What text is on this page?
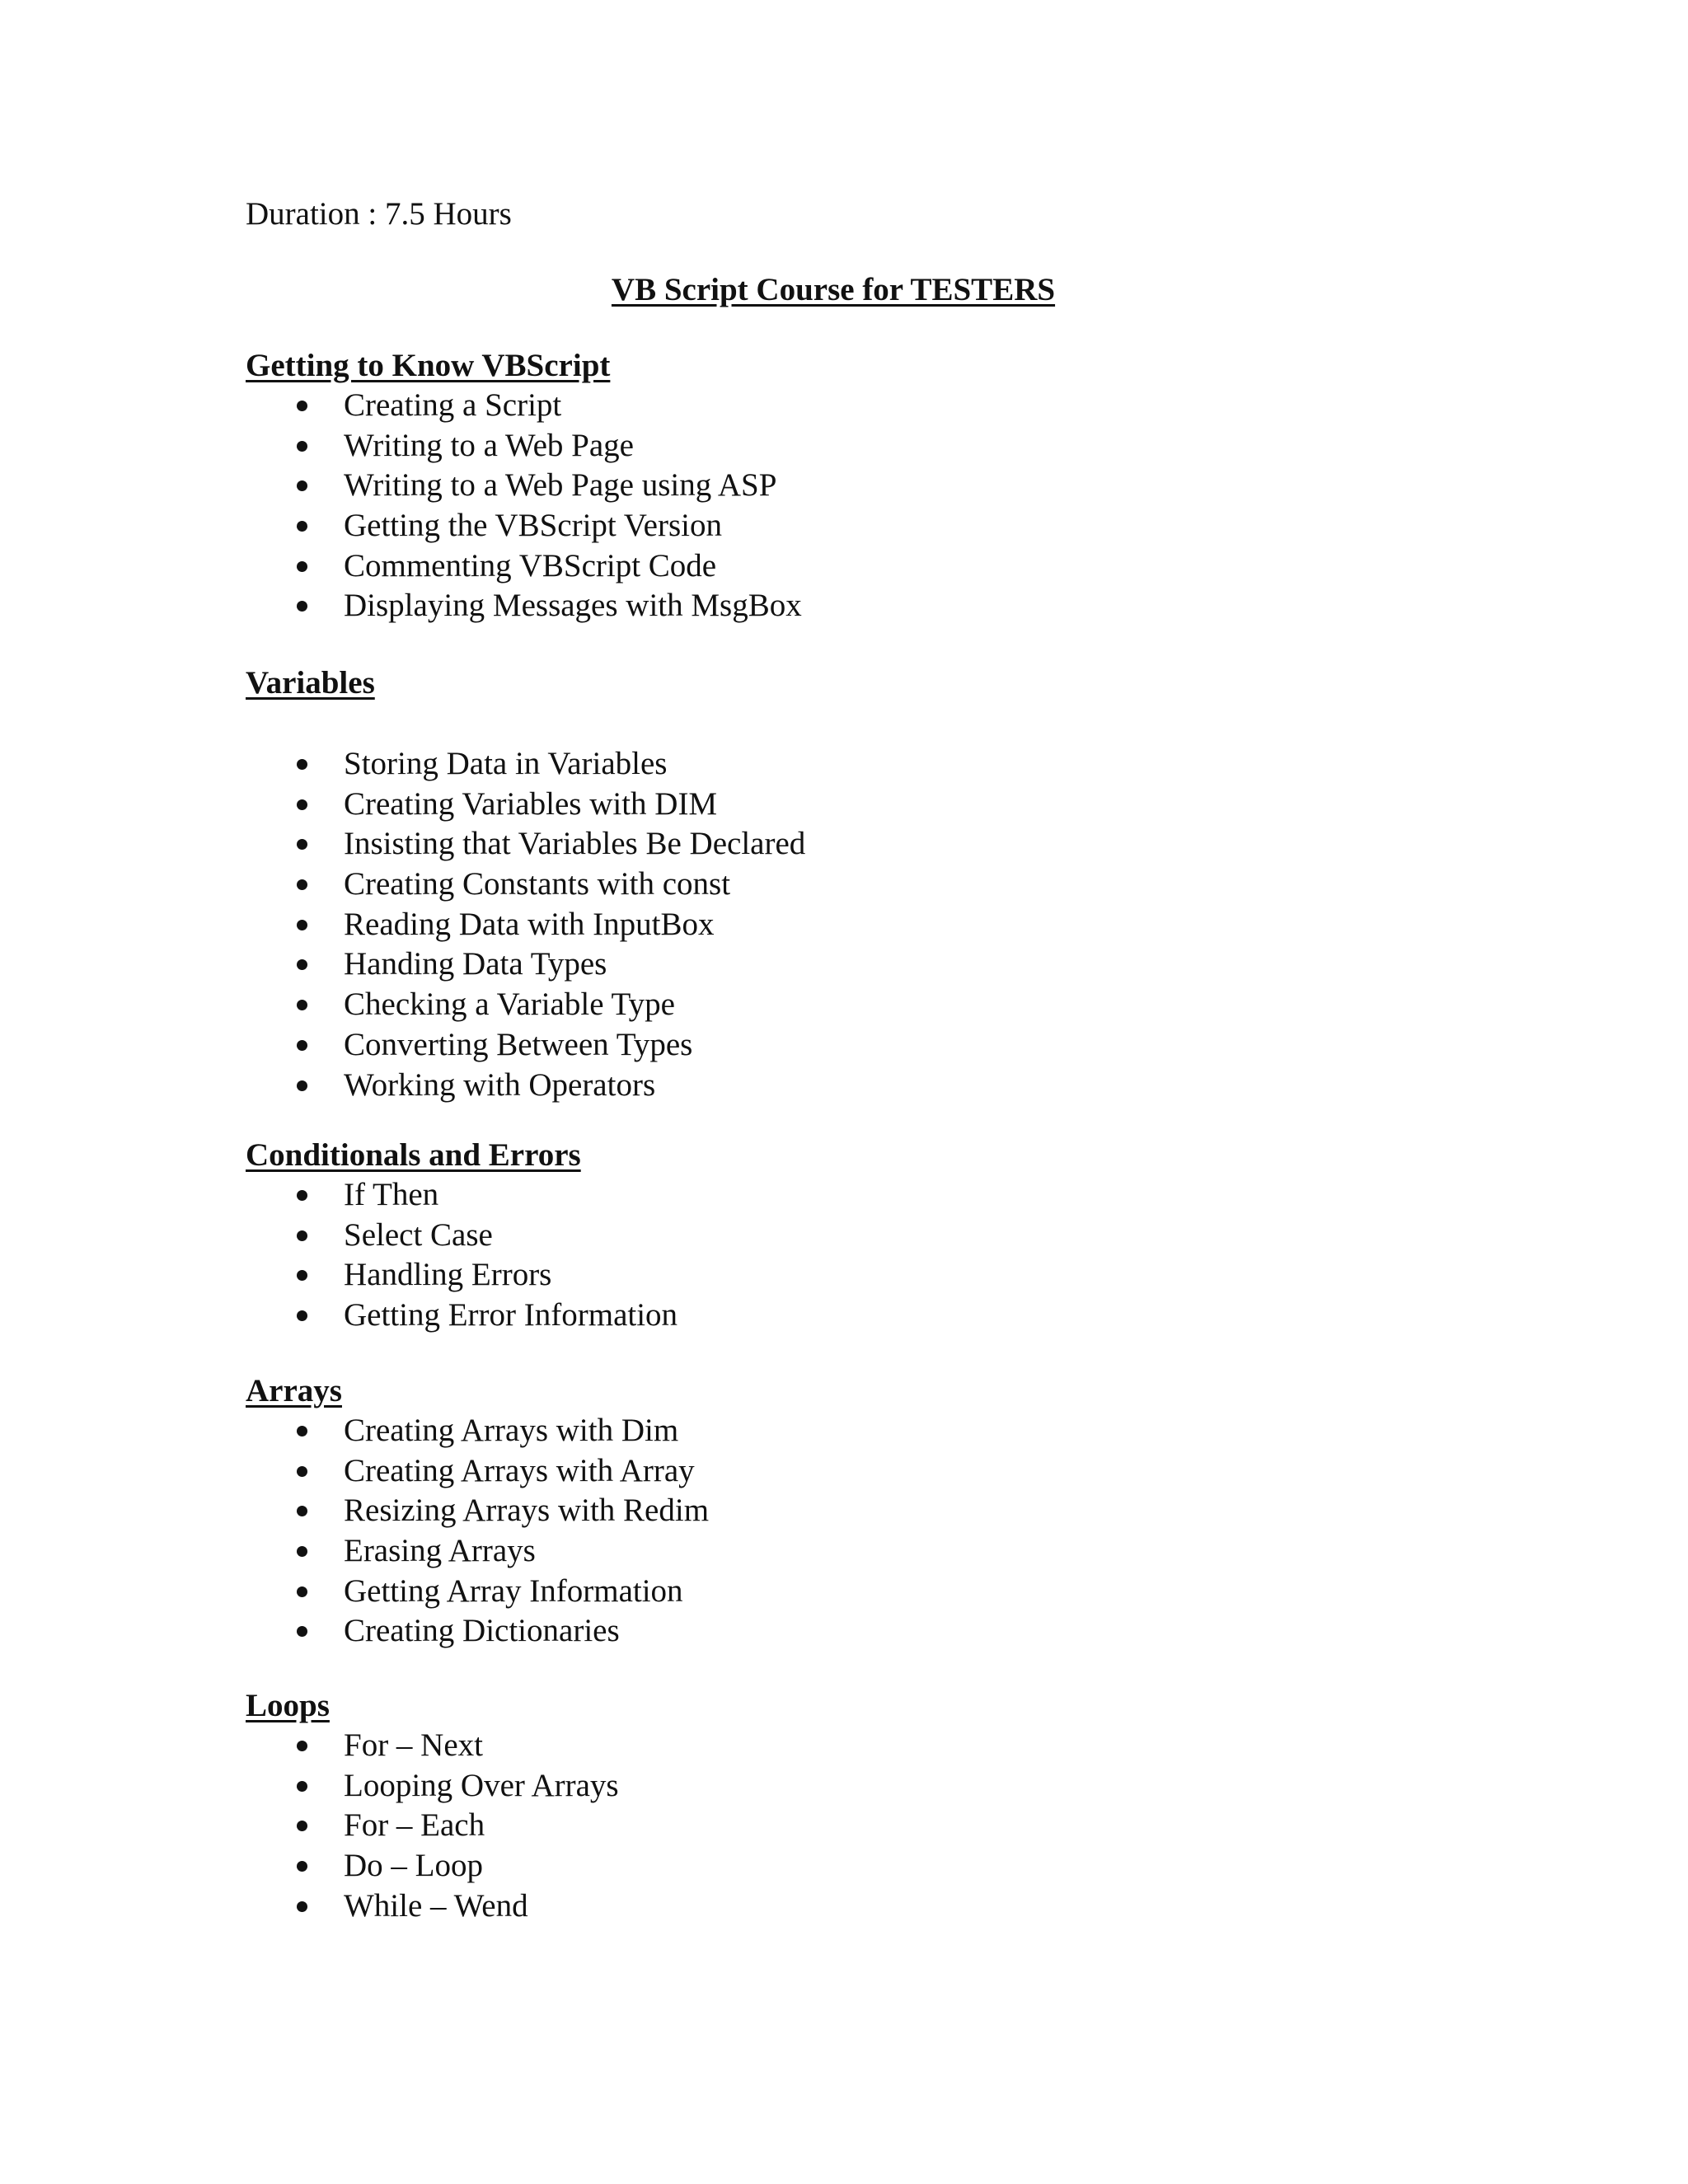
Duration : 7.5 Hours
VB Script Course for TESTERS
Getting to Know VBScript
Creating a Script
Writing to a Web Page
Writing to a Web Page using ASP
Getting the VBScript Version
Commenting VBScript Code
Displaying Messages with MsgBox
Variables
Storing Data in Variables
Creating Variables with DIM
Insisting that Variables Be Declared
Creating Constants with const
Reading Data with InputBox
Handing Data Types
Checking a Variable Type
Converting Between Types
Working with Operators
Conditionals and Errors
If Then
Select Case
Handling Errors
Getting Error Information
Arrays
Creating Arrays with Dim
Creating Arrays with Array
Resizing Arrays with Redim
Erasing Arrays
Getting Array Information
Creating Dictionaries
Loops
For – Next
Looping Over Arrays
For – Each
Do – Loop
While – Wend
